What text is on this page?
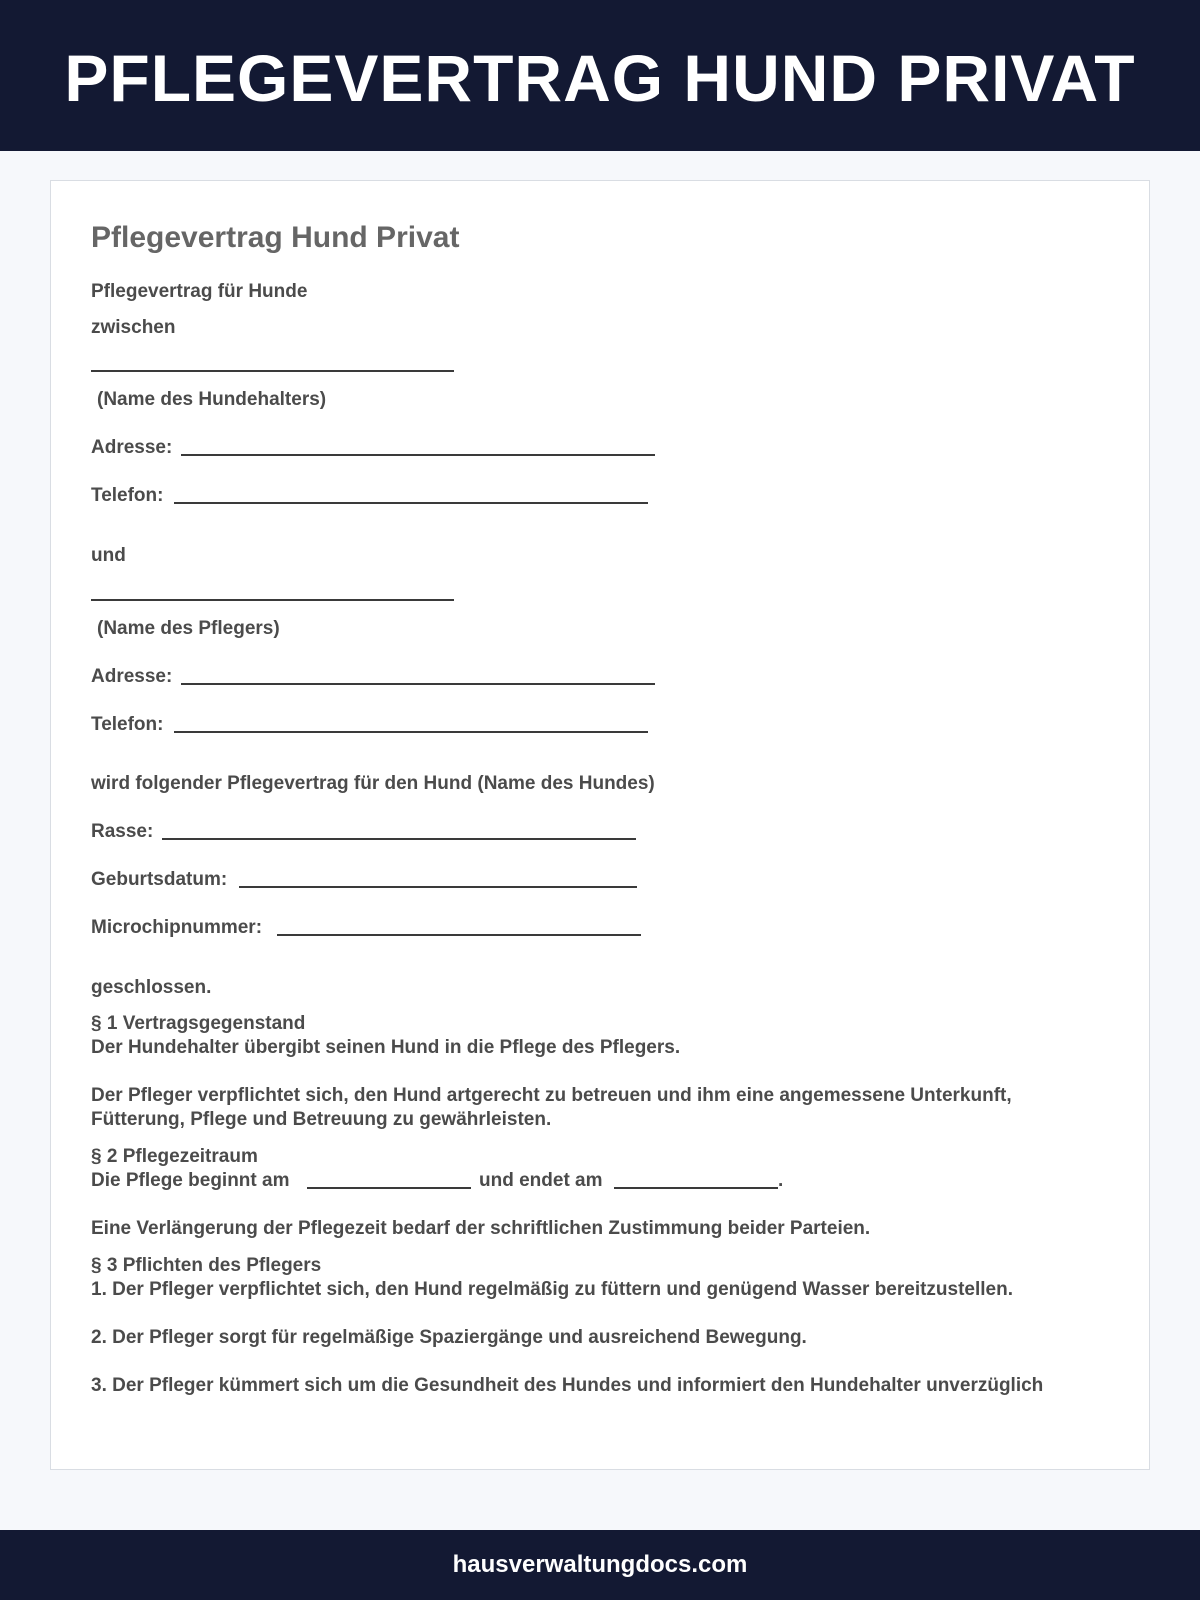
PFLEGEVERTRAG HUND PRIVAT
Pflegevertrag Hund Privat

Pflegevertrag für Hunde

zwischen

(Name des Hundehalters)

Adresse:

Telefon:

und

(Name des Pflegers)

Adresse:

Telefon:

wird folgender Pflegevertrag für den Hund (Name des Hundes)

Rasse:

Geburtsdatum:

Microchipnummer:

geschlossen.

§ 1 Vertragsgegenstand

Der Hundehalter übergibt seinen Hund in die Pflege des Pflegers.

Der Pfleger verpflichtet sich, den Hund artgerecht zu betreuen und ihm eine angemessene Unterkunft, Fütterung, Pflege und Betreuung zu gewährleisten.

§ 2 Pflegezeitraum

Die Pflege beginnt am	und endet am	.

Eine Verlängerung der Pflegezeit bedarf der schriftlichen Zustimmung beider Parteien.

§ 3 Pflichten des Pflegers

1. Der Pfleger verpflichtet sich, den Hund regelmäßig zu füttern und genügend Wasser bereitzustellen.

2. Der Pfleger sorgt für regelmäßige Spaziergänge und ausreichend Bewegung.

3. Der Pfleger kümmert sich um die Gesundheit des Hundes und informiert den Hundehalter unverzüglich

hausverwaltungdocs.com
